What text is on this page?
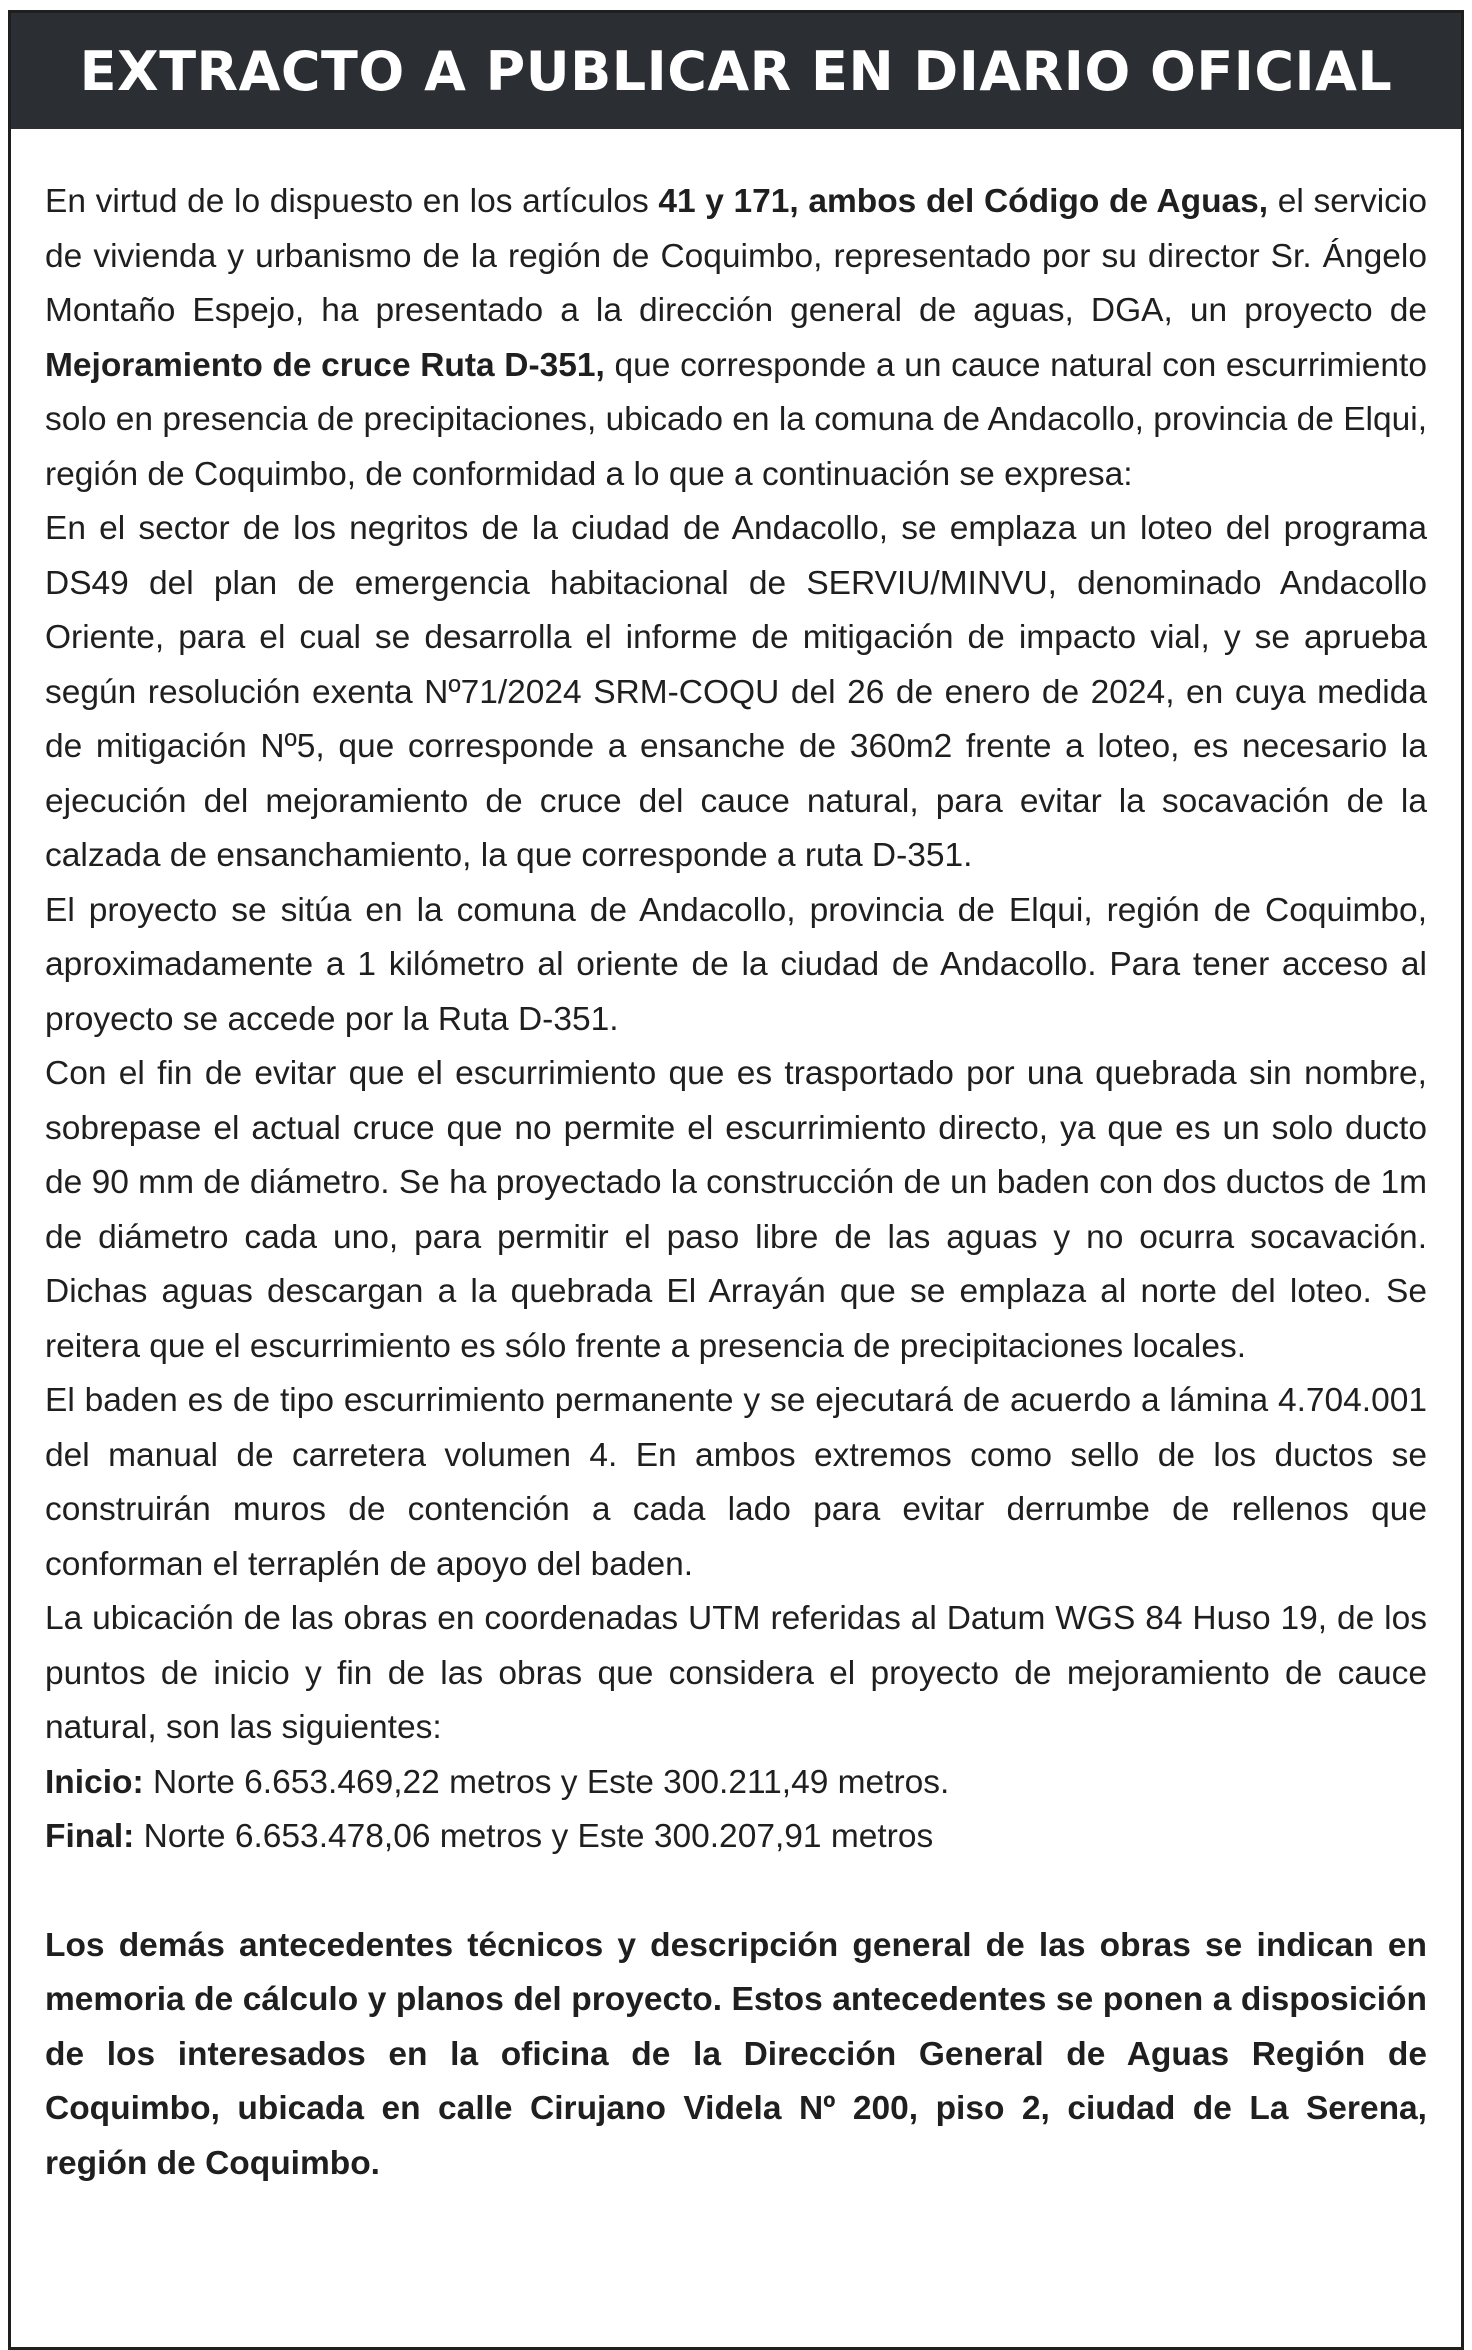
EXTRACTO A PUBLICAR EN DIARIO OFICIAL

En virtud de lo dispuesto en los artículos 41 y 171, ambos del Código de Aguas, el servicio de vivienda y urbanismo de la región de Coquimbo, representado por su director Sr. Ángelo Montaño Espejo, ha presentado a la dirección general de aguas, DGA, un proyecto de Mejoramiento de cruce Ruta D-351, que corresponde a un cauce natural con escurrimiento solo en presencia de precipitaciones, ubicado en la comuna de Andacollo, provincia de Elqui, región de Coquimbo, de conformidad a lo que a continuación se expresa:

En el sector de los negritos de la ciudad de Andacollo, se emplaza un loteo del programa DS49 del plan de emergencia habitacional de SERVIU/MINVU, denominado Andacollo Oriente, para el cual se desarrolla el informe de mitigación de impacto vial, y se aprueba según resolución exenta Nº71/2024 SRM-COQU del 26 de enero de 2024, en cuya medida de mitigación Nº5, que corresponde a ensanche de 360m2 frente a loteo, es necesario la ejecución del mejoramiento de cruce del cauce natural, para evitar la socavación de la calzada de ensanchamiento, la que corresponde a ruta D-351.

El proyecto se sitúa en la comuna de Andacollo, provincia de Elqui, región de Coquimbo, aproximadamente a 1 kilómetro al oriente de la ciudad de Andacollo. Para tener acceso al proyecto se accede por la Ruta D-351.

Con el fin de evitar que el escurrimiento que es trasportado por una quebrada sin nombre, sobrepase el actual cruce que no permite el escurrimiento directo, ya que es un solo ducto de 90 mm de diámetro. Se ha proyectado la construcción de un baden con dos ductos de 1m de diámetro cada uno, para permitir el paso libre de las aguas y no ocurra socavación. Dichas aguas descargan a la quebrada El Arrayán que se emplaza al norte del loteo. Se reitera que el escurrimiento es sólo frente a presencia de precipitaciones locales.

El baden es de tipo escurrimiento permanente y se ejecutará de acuerdo a lámina 4.704.001 del manual de carretera volumen 4. En ambos extremos como sello de los ductos se construirán muros de contención a cada lado para evitar derrumbe de rellenos que conforman el terraplén de apoyo del baden.

La ubicación de las obras en coordenadas UTM referidas al Datum WGS 84 Huso 19, de los puntos de inicio y fin de las obras que considera el proyecto de mejoramiento de cauce natural, son las siguientes:

Inicio: Norte 6.653.469,22 metros y Este 300.211,49 metros.

Final: Norte 6.653.478,06 metros y Este 300.207,91 metros

Los demás antecedentes técnicos y descripción general de las obras se indican en memoria de cálculo y planos del proyecto. Estos antecedentes se ponen a disposición de los interesados en la oficina de la Dirección General de Aguas Región de Coquimbo, ubicada en calle Cirujano Videla Nº 200, piso 2, ciudad de La Serena, región de Coquimbo.
